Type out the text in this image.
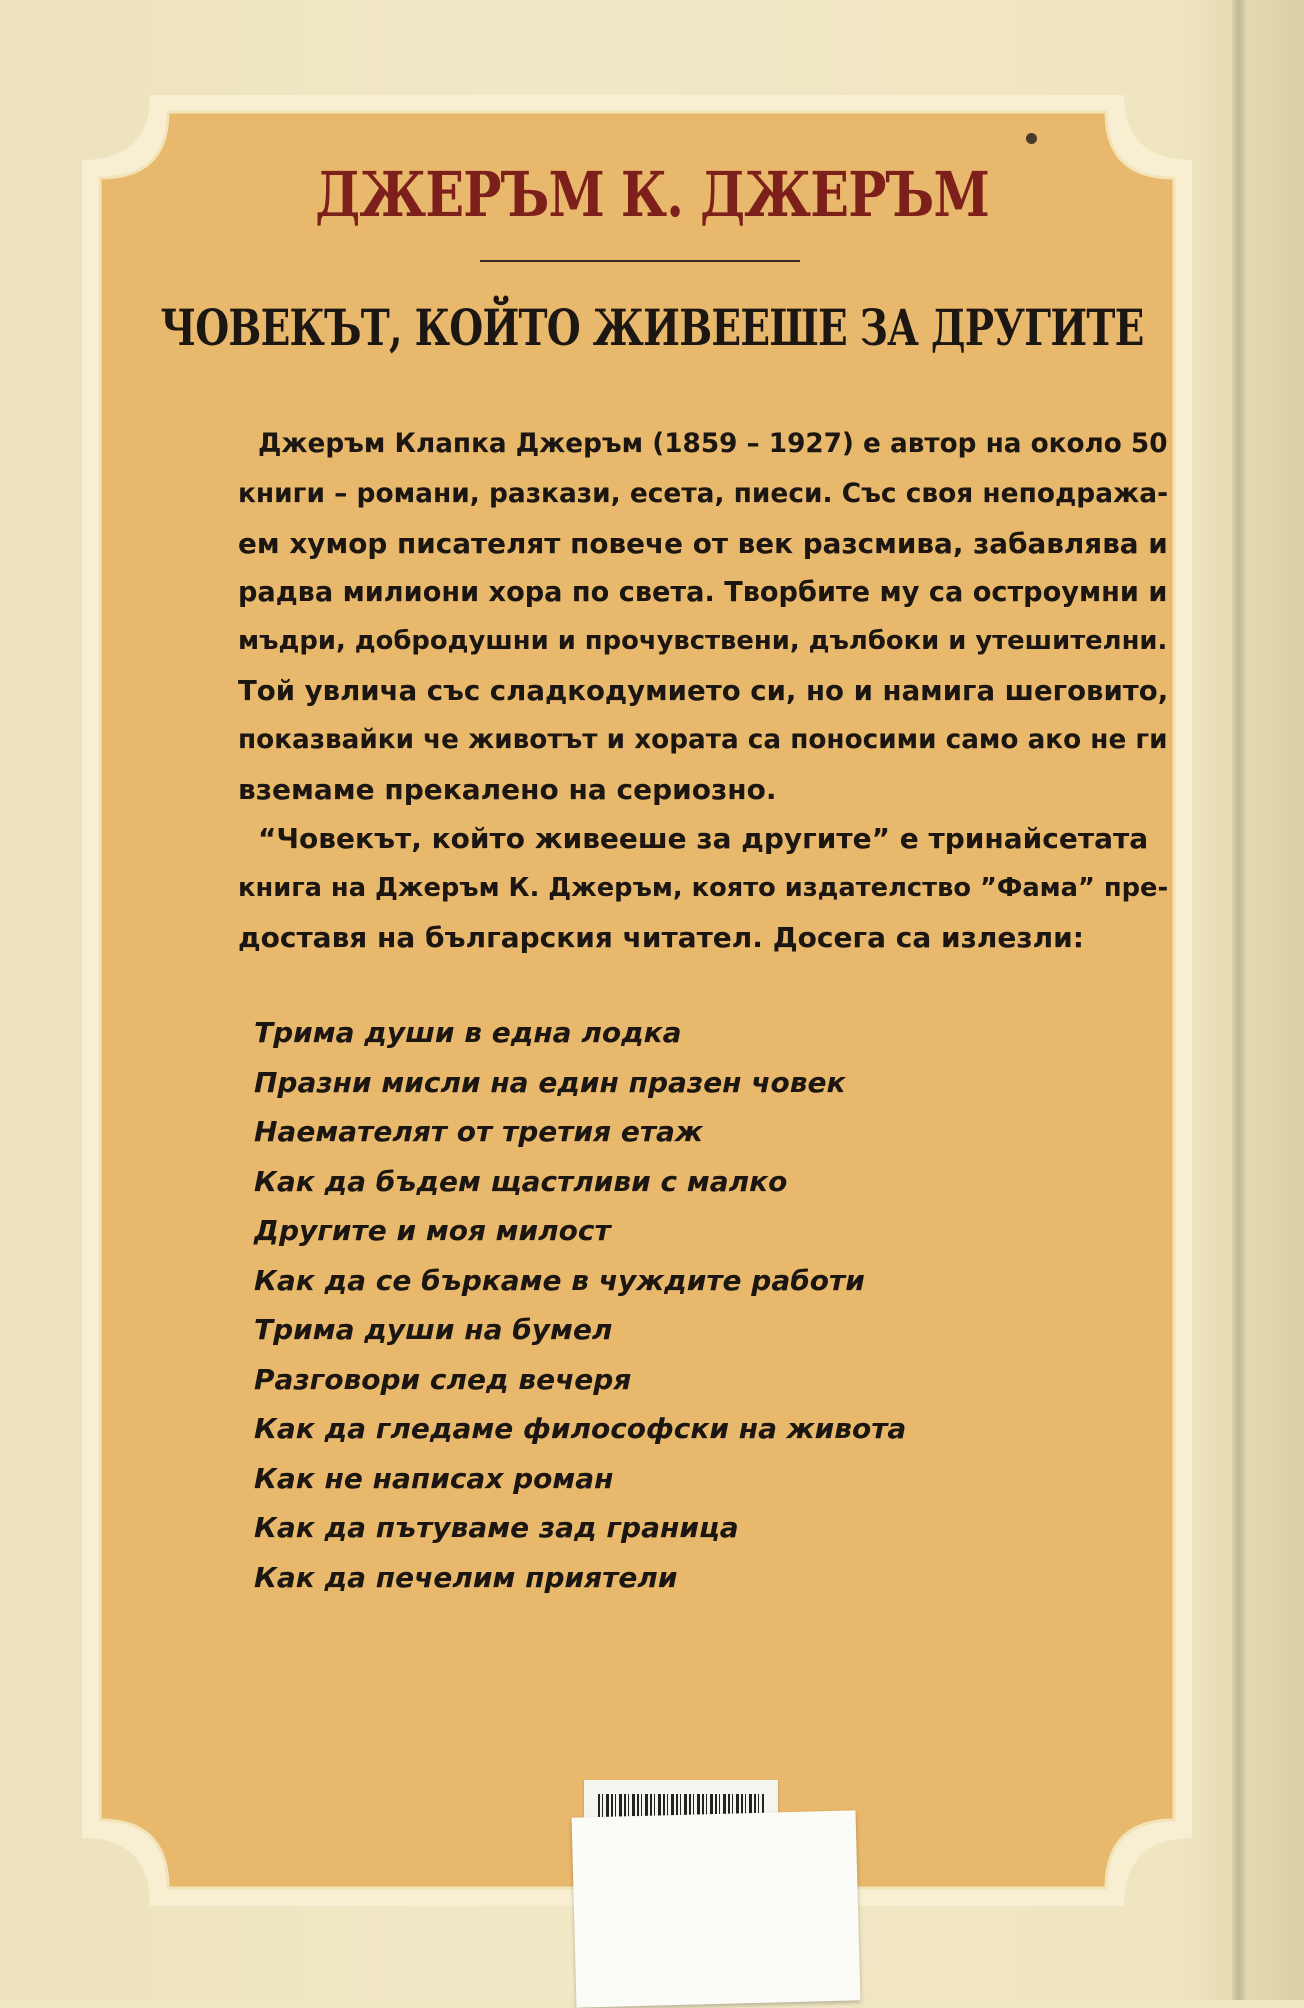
ДЖЕРЪМ К. ДЖЕРЪМ
ЧОВЕКЪТ, КОЙТО ЖИВЕЕШЕ ЗА ДРУГИТЕ
Джеръм Клапка Джеръм (1859 – 1927) е автор на около 50
книги – романи, разкази, есета, пиеси. Със своя неподража-
ем хумор писателят повече от век разсмива, забавлява и
радва милиони хора по света. Творбите му са остроумни и
мъдри, добродушни и прочувствени, дълбоки и утешителни.
Той увлича със сладкодумието си, но и намига шеговито,
показвайки че животът и хората са поносими само ако не ги
вземаме прекалено на сериозно.
“Човекът, който живееше за другите” е тринайсетата
книга на Джеръм К. Джеръм, която издателство ”Фама” пре-
доставя на българския читател. Досега са излезли:
Трима души в една лодка
Празни мисли на един празен човек
Наемателят от третия етаж
Как да бъдем щастливи с малко
Другите и моя милост
Как да се бъркаме в чуждите работи
Трима души на бумел
Разговори след вечеря
Как да гледаме философски на живота
Как не написах роман
Как да пътуваме зад граница
Как да печелим приятели
